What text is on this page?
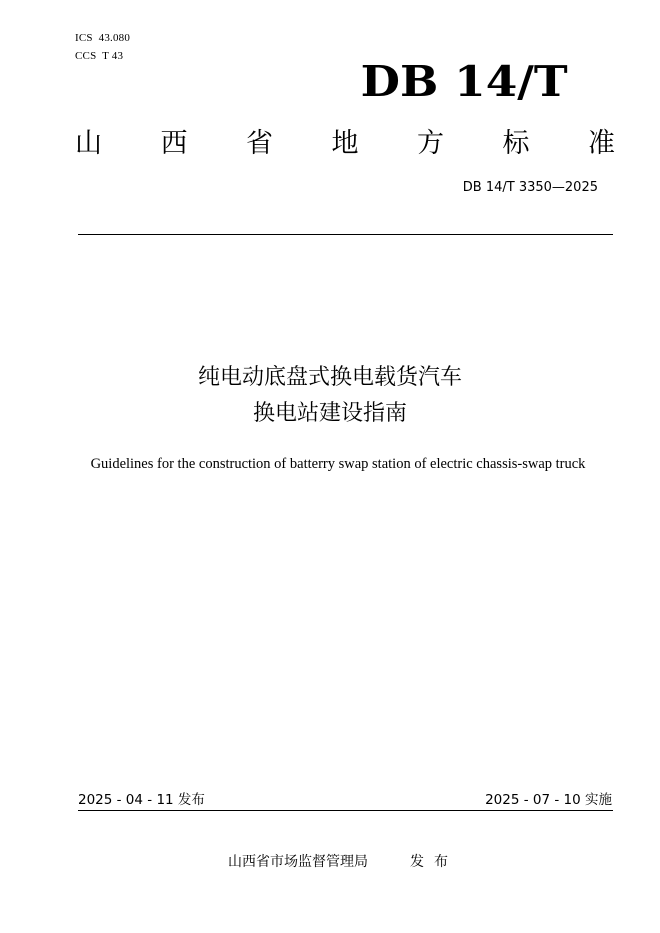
ICS  43.080
CCS  T 43
DB 14/T
山 西 省 地 方 标 准
DB 14/T 3350—2025
纯电动底盘式换电载货汽车
换电站建设指南
Guidelines for the construction of batterry swap station of electric chassis-swap truck
2025 - 04 - 11 发布	2025 - 07 - 10 实施
山西省市场监督管理局	发布
